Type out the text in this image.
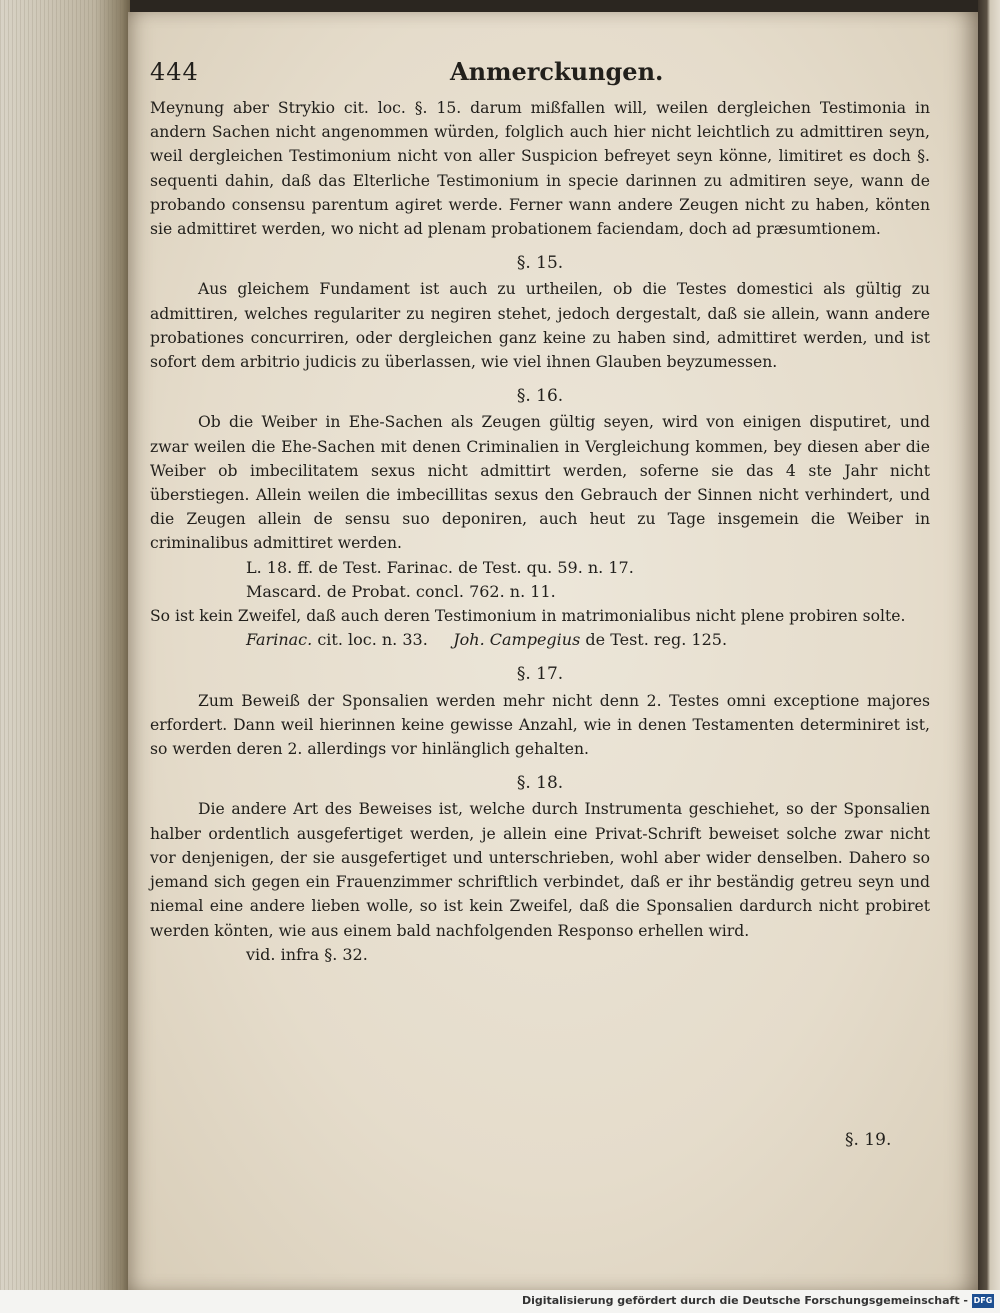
444	Anmerckungen.

Meynung aber Strykio cit. loc. §. 15. darum mißfallen will, weilen dergleichen Testimonia in andern Sachen nicht angenommen würden, folglich auch hier nicht leichtlich zu admittiren seyn, weil dergleichen Testimonium nicht von aller Suspicion befreyet seyn könne, limitiret es doch §. sequenti dahin, daß das Elterliche Testimonium in specie darinnen zu admitiren seye, wann de probando consensu parentum agiret werde. Ferner wann andere Zeugen nicht zu haben, könten sie admittiret werden, wo nicht ad plenam probationem faciendam, doch ad præsumtionem.

§. 15.

Aus gleichem Fundament ist auch zu urtheilen, ob die Testes domestici als gültig zu admittiren, welches regulariter zu negiren stehet, jedoch dergestalt, daß sie allein, wann andere probationes concurriren, oder dergleichen ganz keine zu haben sind, admittiret werden, und ist sofort dem arbitrio judicis zu überlassen, wie viel ihnen Glauben beyzumessen.

§. 16.

Ob die Weiber in Ehe-Sachen als Zeugen gültig seyen, wird von einigen disputiret, und zwar weilen die Ehe-Sachen mit denen Criminalien in Vergleichung kommen, bey diesen aber die Weiber ob imbecilitatem sexus nicht admittirt werden, soferne sie das 4 ste Jahr nicht überstiegen. Allein weilen die imbecillitas sexus den Gebrauch der Sinnen nicht verhindert, und die Zeugen allein de sensu suo deponiren, auch heut zu Tage insgemein die Weiber in criminalibus admittiret werden.

L. 18. ff. de Test. Farinac. de Test. qu. 59. n. 17.

Mascard. de Probat. concl. 762. n. 11.

So ist kein Zweifel, daß auch deren Testimonium in matrimonialibus nicht plene probiren solte.

Farinac. cit. loc. n. 33. Joh. Campegius de Test. reg. 125.

§. 17.

Zum Beweiß der Sponsalien werden mehr nicht denn 2. Testes omni exceptione majores erfordert. Dann weil hierinnen keine gewisse Anzahl, wie in denen Testamenten determiniret ist, so werden deren 2. allerdings vor hinlänglich gehalten.

§. 18.

Die andere Art des Beweises ist, welche durch Instrumenta geschiehet, so der Sponsalien halber ordentlich ausgefertiget werden, je allein eine Privat-Schrift beweiset solche zwar nicht vor denjenigen, der sie ausgefertiget und unterschrieben, wohl aber wider denselben. Dahero so jemand sich gegen ein Frauenzimmer schriftlich verbindet, daß er ihr beständig getreu seyn und niemal eine andere lieben wolle, so ist kein Zweifel, daß die Sponsalien dardurch nicht probiret werden könten, wie aus einem bald nachfolgenden Responso erhellen wird.

vid. infra §. 32.

§. 19.
Digitalisierung gefördert durch die Deutsche Forschungsgemeinschaft - DFG
